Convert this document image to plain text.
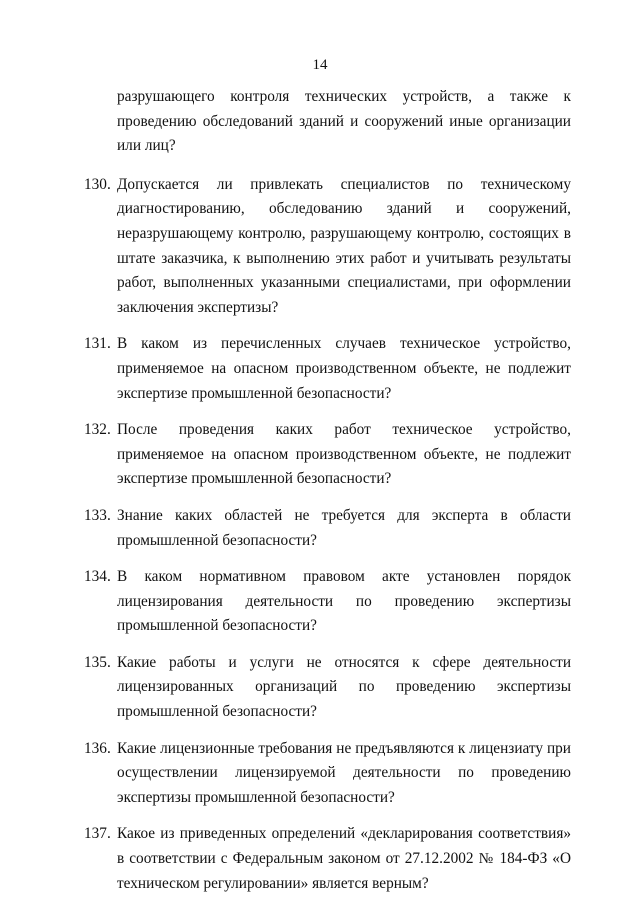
14
разрушающего контроля технических устройств, а также к проведению обследований зданий и сооружений иные организации или лиц?
130. Допускается ли привлекать специалистов по техническому диагностированию, обследованию зданий и сооружений, неразрушающему контролю, разрушающему контролю, состоящих в штате заказчика, к выполнению этих работ и учитывать результаты работ, выполненных указанными специалистами, при оформлении заключения экспертизы?
131. В каком из перечисленных случаев техническое устройство, применяемое на опасном производственном объекте, не подлежит экспертизе промышленной безопасности?
132. После проведения каких работ техническое устройство, применяемое на опасном производственном объекте, не подлежит экспертизе промышленной безопасности?
133. Знание каких областей не требуется для эксперта в области промышленной безопасности?
134. В каком нормативном правовом акте установлен порядок лицензирования деятельности по проведению экспертизы промышленной безопасности?
135. Какие работы и услуги не относятся к сфере деятельности лицензированных организаций по проведению экспертизы промышленной безопасности?
136. Какие лицензионные требования не предъявляются к лицензиату при осуществлении лицензируемой деятельности по проведению экспертизы промышленной безопасности?
137. Какое из приведенных определений «декларирования соответствия» в соответствии с Федеральным законом от 27.12.2002 № 184-ФЗ «О техническом регулировании» является верным?
